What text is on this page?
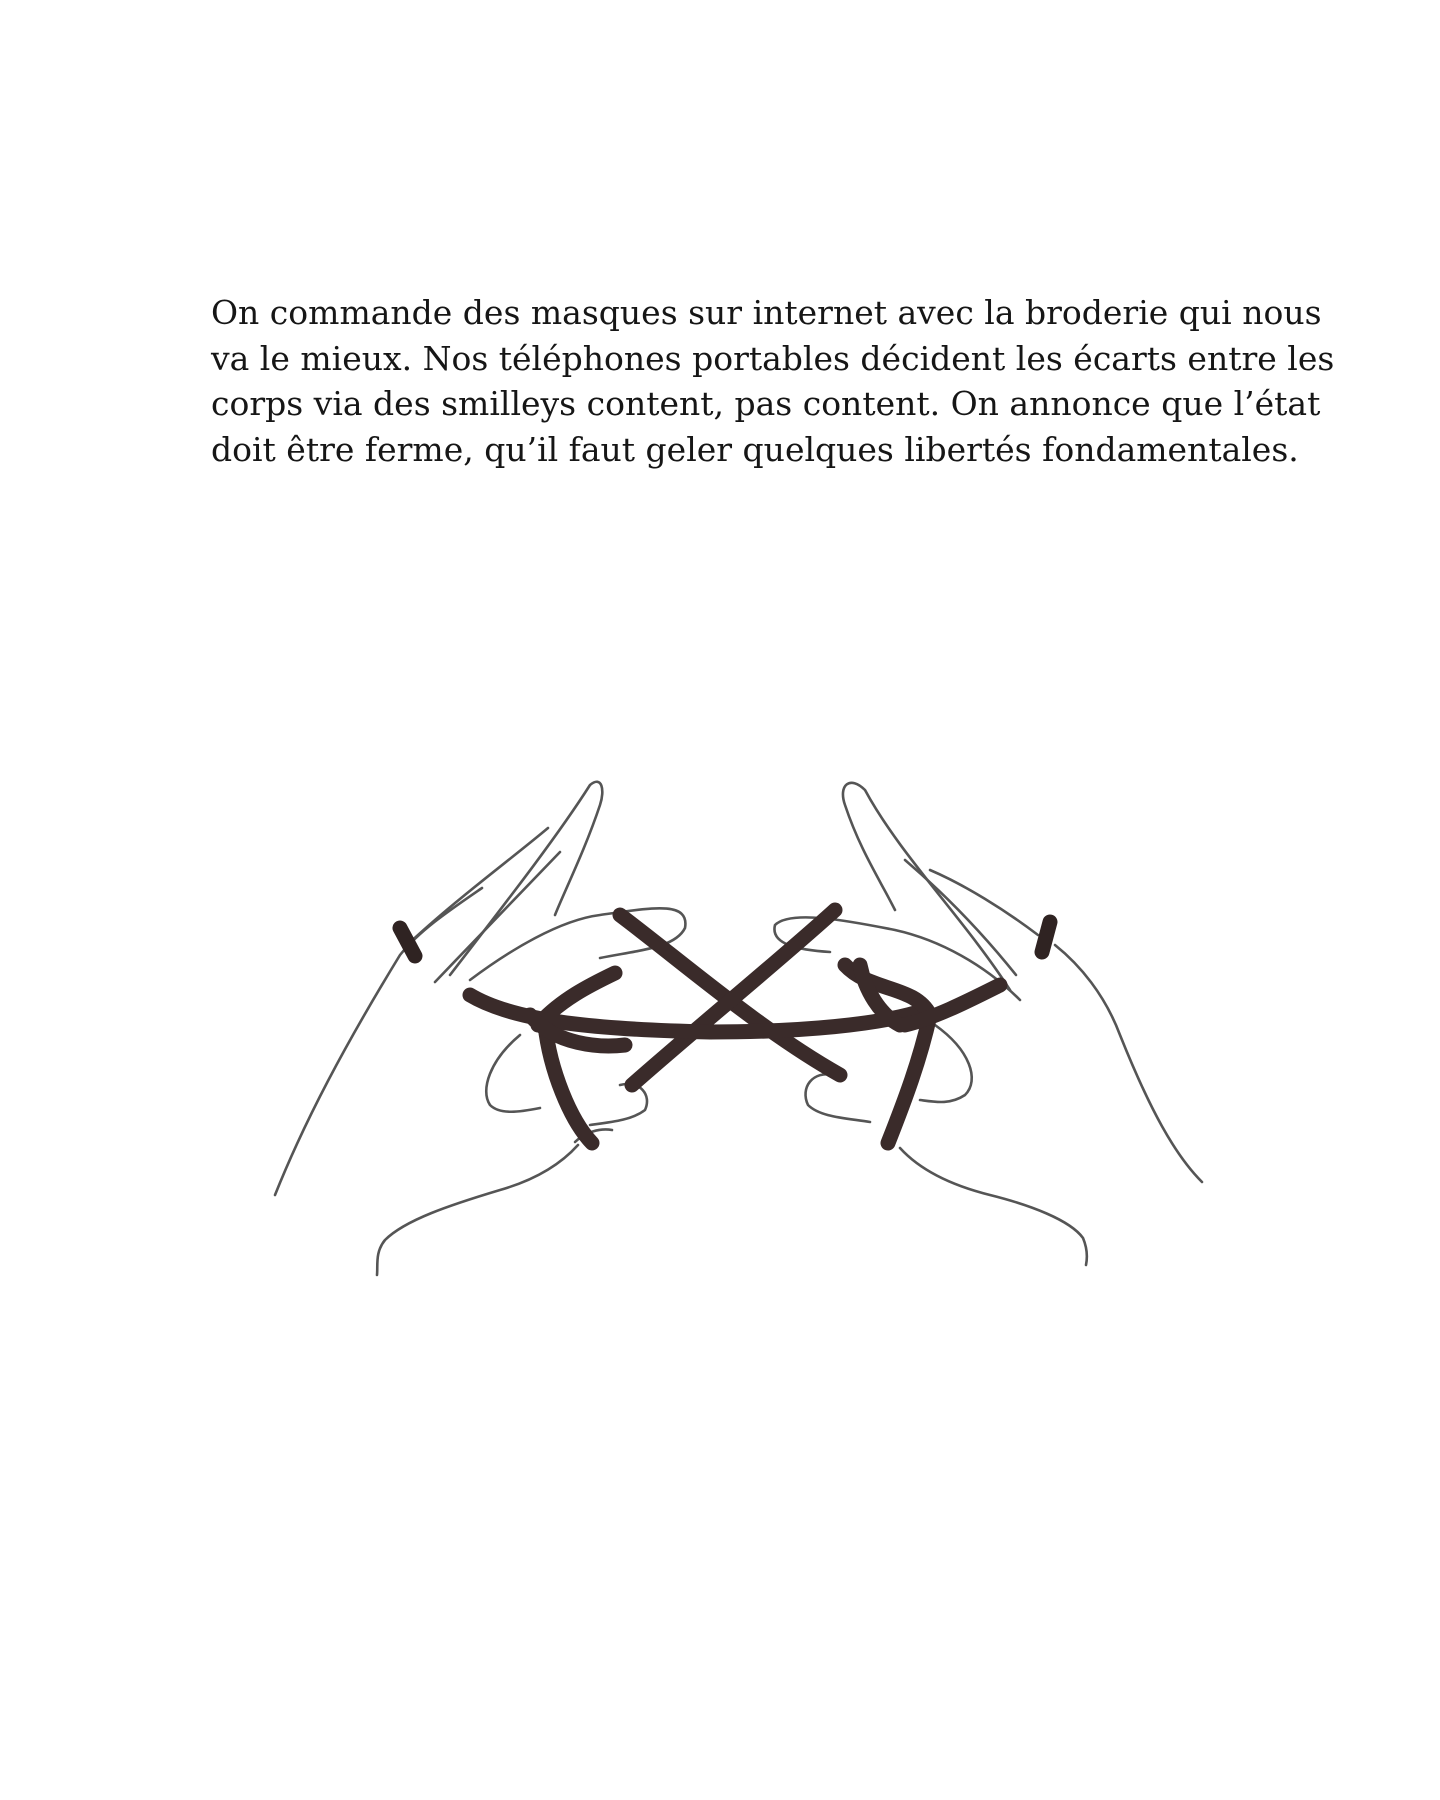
On commande des masques sur internet avec la broderie qui nous
va le mieux. Nos téléphones portables décident les écarts entre les
corps via des smilleys content, pas content. On annonce que l’état
doit être ferme, qu’il faut geler quelques libertés fondamentales.
